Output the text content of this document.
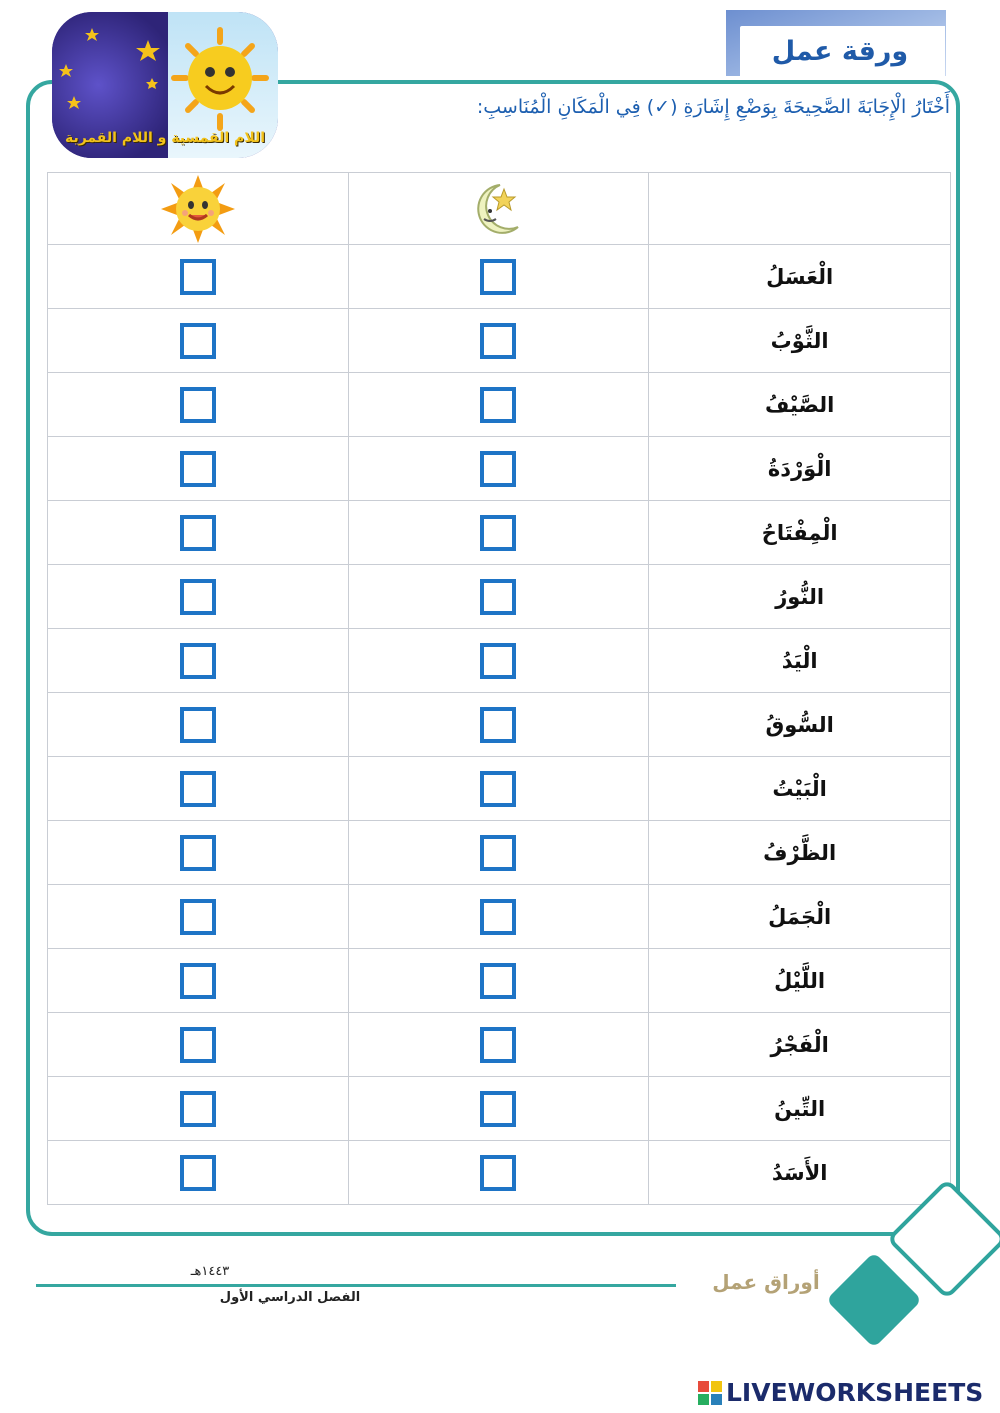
ورقة عمل
اللام القمسية و اللام القمرية
أَخْتَارُ الْإِجَابَةَ الصَّحِيحَةَ بِوَضْعِ إِشَارَةِ (✓) فِي الْمَكَانِ الْمُنَاسِبِ:

		الْعَسَلُ

		الثَّوْبُ

		الصَّيْفُ

		الْوَرْدَةُ

		الْمِفْتَاحُ

		النُّورُ

		الْيَدُ

		السُّوقُ

		الْبَيْتُ

		الظَّرْفُ

		الْجَمَلُ

		اللَّيْلُ

		الْفَجْرُ

		التِّينُ

		الأَسَدُ
١٤٤٣هـ
الفصل الدراسي الأول
أوراق عمل
LIVEWORKSHEETS
